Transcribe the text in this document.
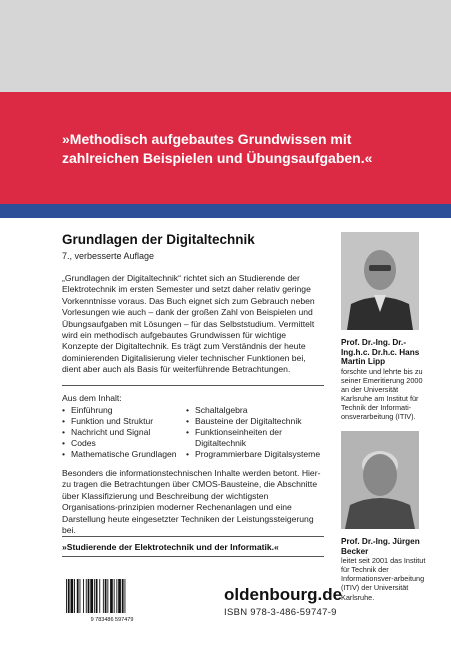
»Methodisch aufgebautes Grundwissen mit zahlreichen Beispielen und Übungsaufgaben.«
Grundlagen der Digitaltechnik
7., verbesserte Auflage
„Grundlagen der Digitaltechnik“ richtet sich an Studierende der Elektrotechnik im ersten Semester und setzt daher relativ geringe Vorkenntnisse voraus. Das Buch eignet sich zum Gebrauch neben Vorlesungen wie auch – dank der großen Zahl von Beispielen und Übungsaufgaben mit Lösungen – für das Selbststudium. Vermittelt wird ein methodisch aufgebautes Grundwissen für wichtige Konzepte der Digitaltechnik. Es trägt zum Verständnis der heute dominierenden Digitalisierung vieler technischer Funktionen bei, dient aber auch als Basis für weiterführende Betrachtungen.
Aus dem Inhalt:
• Einführung
• Funktion und Struktur
• Nachricht und Signal
• Codes
• Mathematische Grundlagen
• Schaltalgebra
• Bausteine der Digitaltechnik
• Funktionseinheiten der
Digitaltechnik
• Programmierbare Digitalsysteme
Besonders die informationstechnischen Inhalte werden betont. Hier-zu tragen die Betrachtungen über CMOS-Bausteine, die Abschnitte über Klassifizierung und Beschreibung der wichtigsten Organisations-prinzipien moderner Rechenanlagen und eine Darstellung heute eingesetzter Techniken der Leistungssteigerung bei.
»Studierende der Elektrotechnik und der Informatik.«
9 783486 597479
oldenbourg.de
ISBN 978-3-486-59747-9
Prof. Dr.-Ing. Dr.-Ing.h.c. Dr.h.c. Hans Martin Lipp
forschte und lehrte bis zu seiner Emeritierung 2000 an der Universität Karlsruhe am Institut für Technik der Informati-onsverarbeitung (ITIV).
Prof. Dr.-Ing. Jürgen Becker
leitet seit 2001 das Institut für Technik der Informationsver-arbeitung (ITIV) der Universität Karlsruhe.
